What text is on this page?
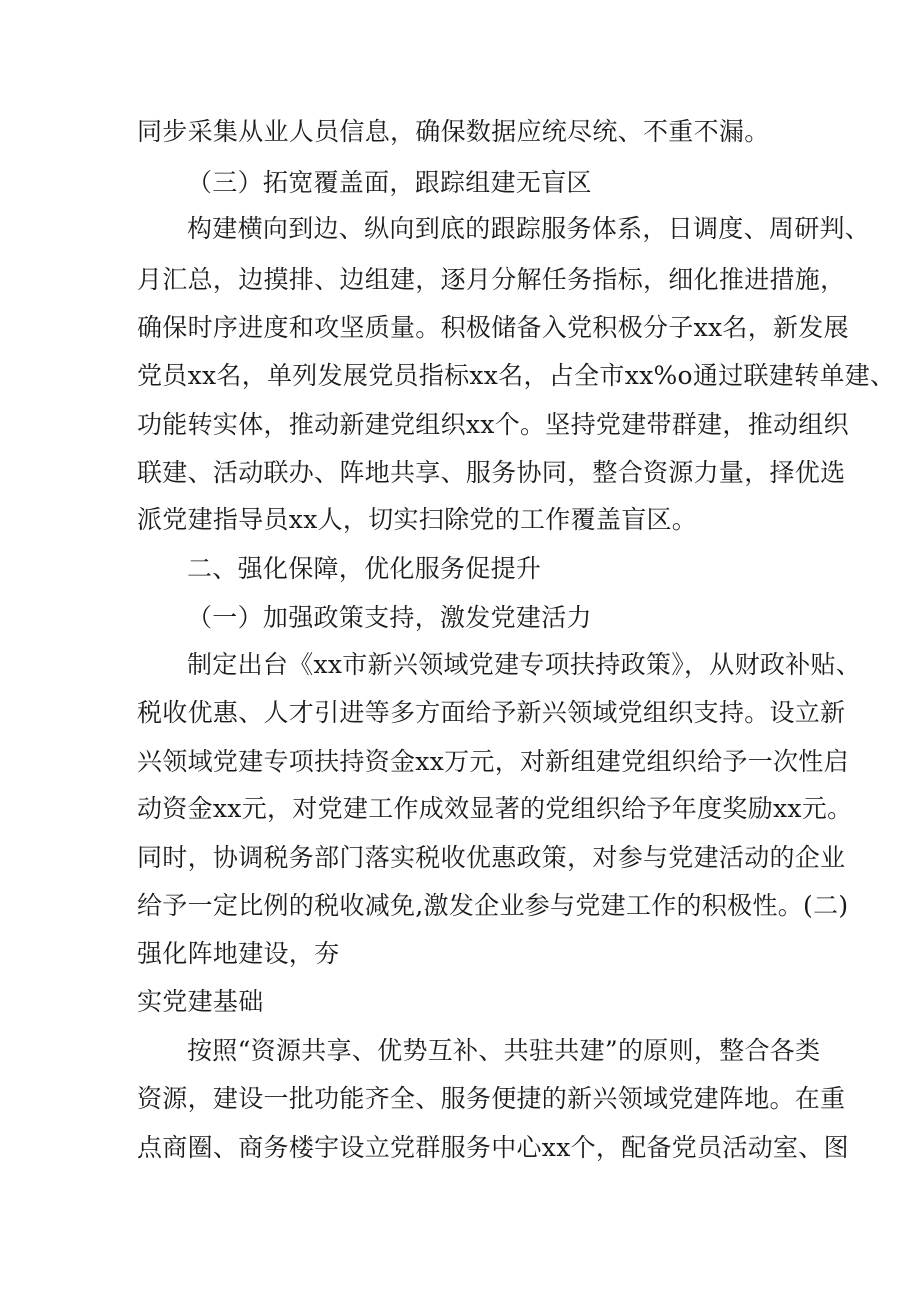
同步采集从业人员信息，确保数据应统尽统、不重不漏。
（三）拓宽覆盖面，跟踪组建无盲区
构建横向到边、纵向到底的跟踪服务体系，日调度、周研判、
月汇总，边摸排、边组建，逐月分解任务指标，细化推进措施，
确保时序进度和攻坚质量。积极储备入党积极分子xx名，新发展
党员xx名，单列发展党员指标xx名，占全市xx%o通过联建转单建、
功能转实体，推动新建党组织xx个。坚持党建带群建，推动组织
联建、活动联办、阵地共享、服务协同，整合资源力量，择优选
派党建指导员xx人，切实扫除党的工作覆盖盲区。
二、强化保障，优化服务促提升
（一）加强政策支持，激发党建活力
制定出台《xx市新兴领域党建专项扶持政策》，从财政补贴、
税收优惠、人才引进等多方面给予新兴领域党组织支持。设立新
兴领域党建专项扶持资金xx万元，对新组建党组织给予一次性启
动资金xx元，对党建工作成效显著的党组织给予年度奖励xx元。
同时，协调税务部门落实税收优惠政策，对参与党建活动的企业
给予一定比例的税收减免,激发企业参与党建工作的积极性。(二)
强化阵地建设，夯
实党建基础
按照“资源共享、优势互补、共驻共建”的原则，整合各类
资源，建设一批功能齐全、服务便捷的新兴领域党建阵地。在重
点商圈、商务楼宇设立党群服务中心xx个，配备党员活动室、图
